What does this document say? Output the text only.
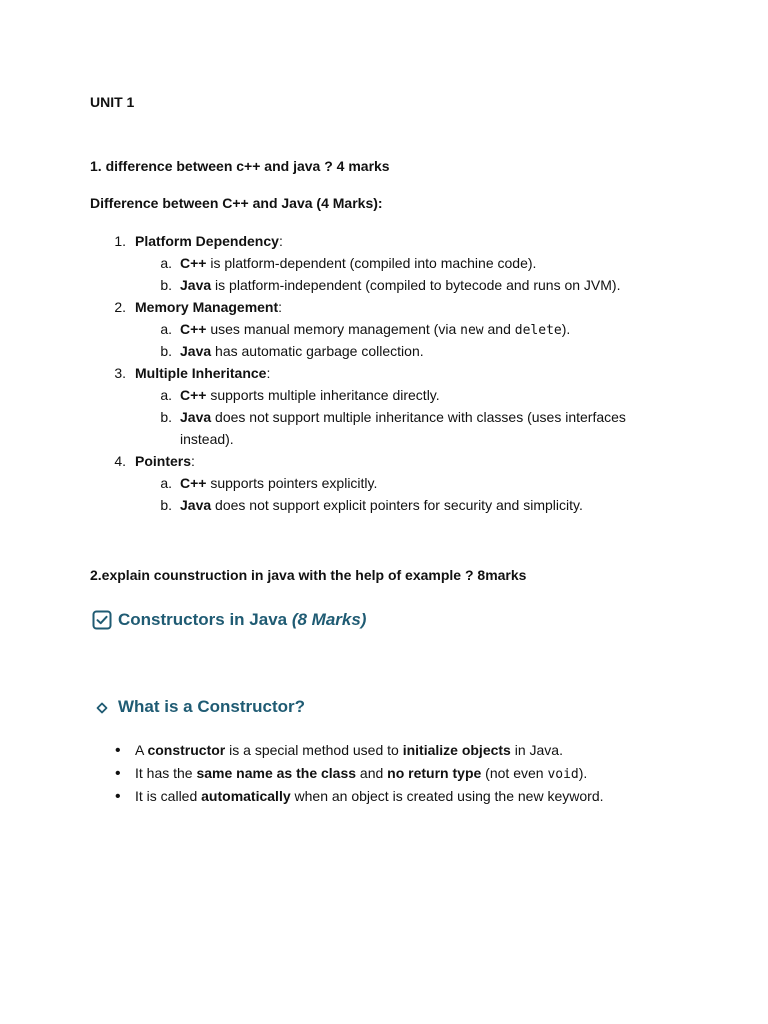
UNIT 1
1. difference between c++ and java ? 4 marks
Difference between C++ and Java (4 Marks):
1. Platform Dependency:
a. C++ is platform-dependent (compiled into machine code).
b. Java is platform-independent (compiled to bytecode and runs on JVM).
2. Memory Management:
a. C++ uses manual memory management (via new and delete).
b. Java has automatic garbage collection.
3. Multiple Inheritance:
a. C++ supports multiple inheritance directly.
b. Java does not support multiple inheritance with classes (uses interfaces
instead).
4. Pointers:
a. C++ supports pointers explicitly.
b. Java does not support explicit pointers for security and simplicity.
2.explain counstruction in java with the help of example ? 8marks
Constructors in Java (8 Marks)
What is a Constructor?
• A constructor is a special method used to initialize objects in Java.
• It has the same name as the class and no return type (not even void).
• It is called automatically when an object is created using the new keyword.
